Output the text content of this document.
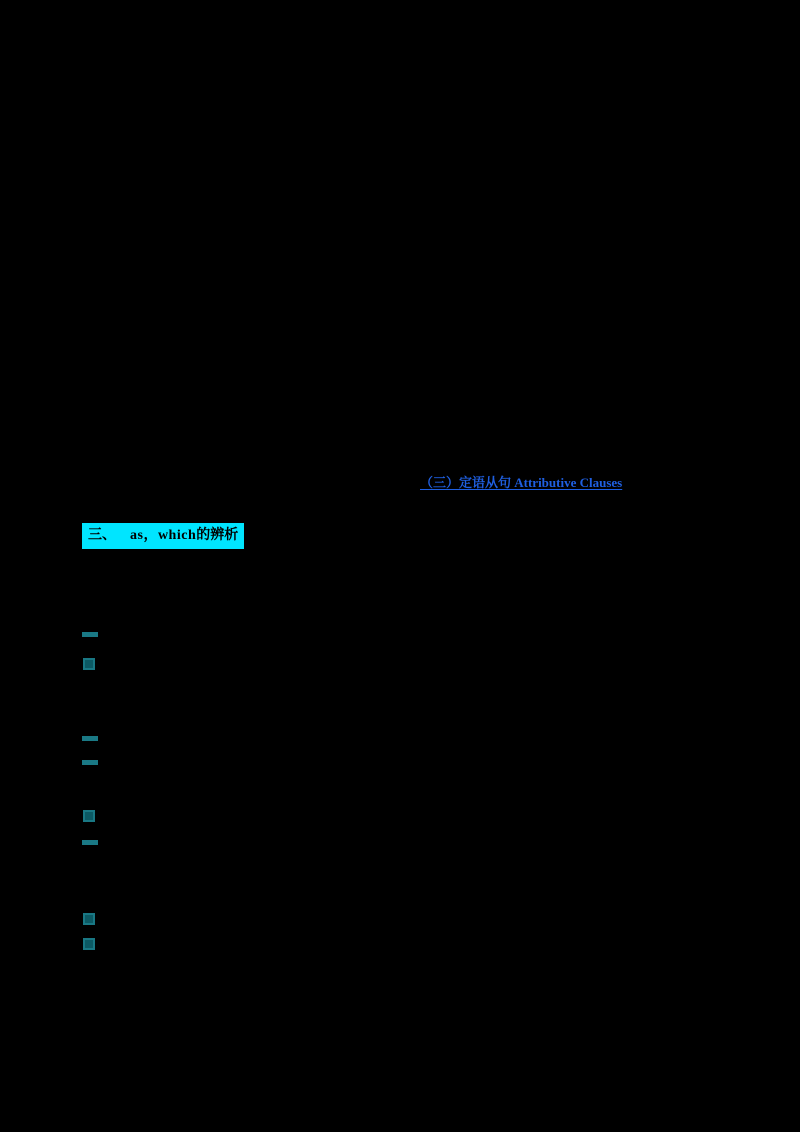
（三）定语从句 Attributive Clauses
三、 as，which的辨析
